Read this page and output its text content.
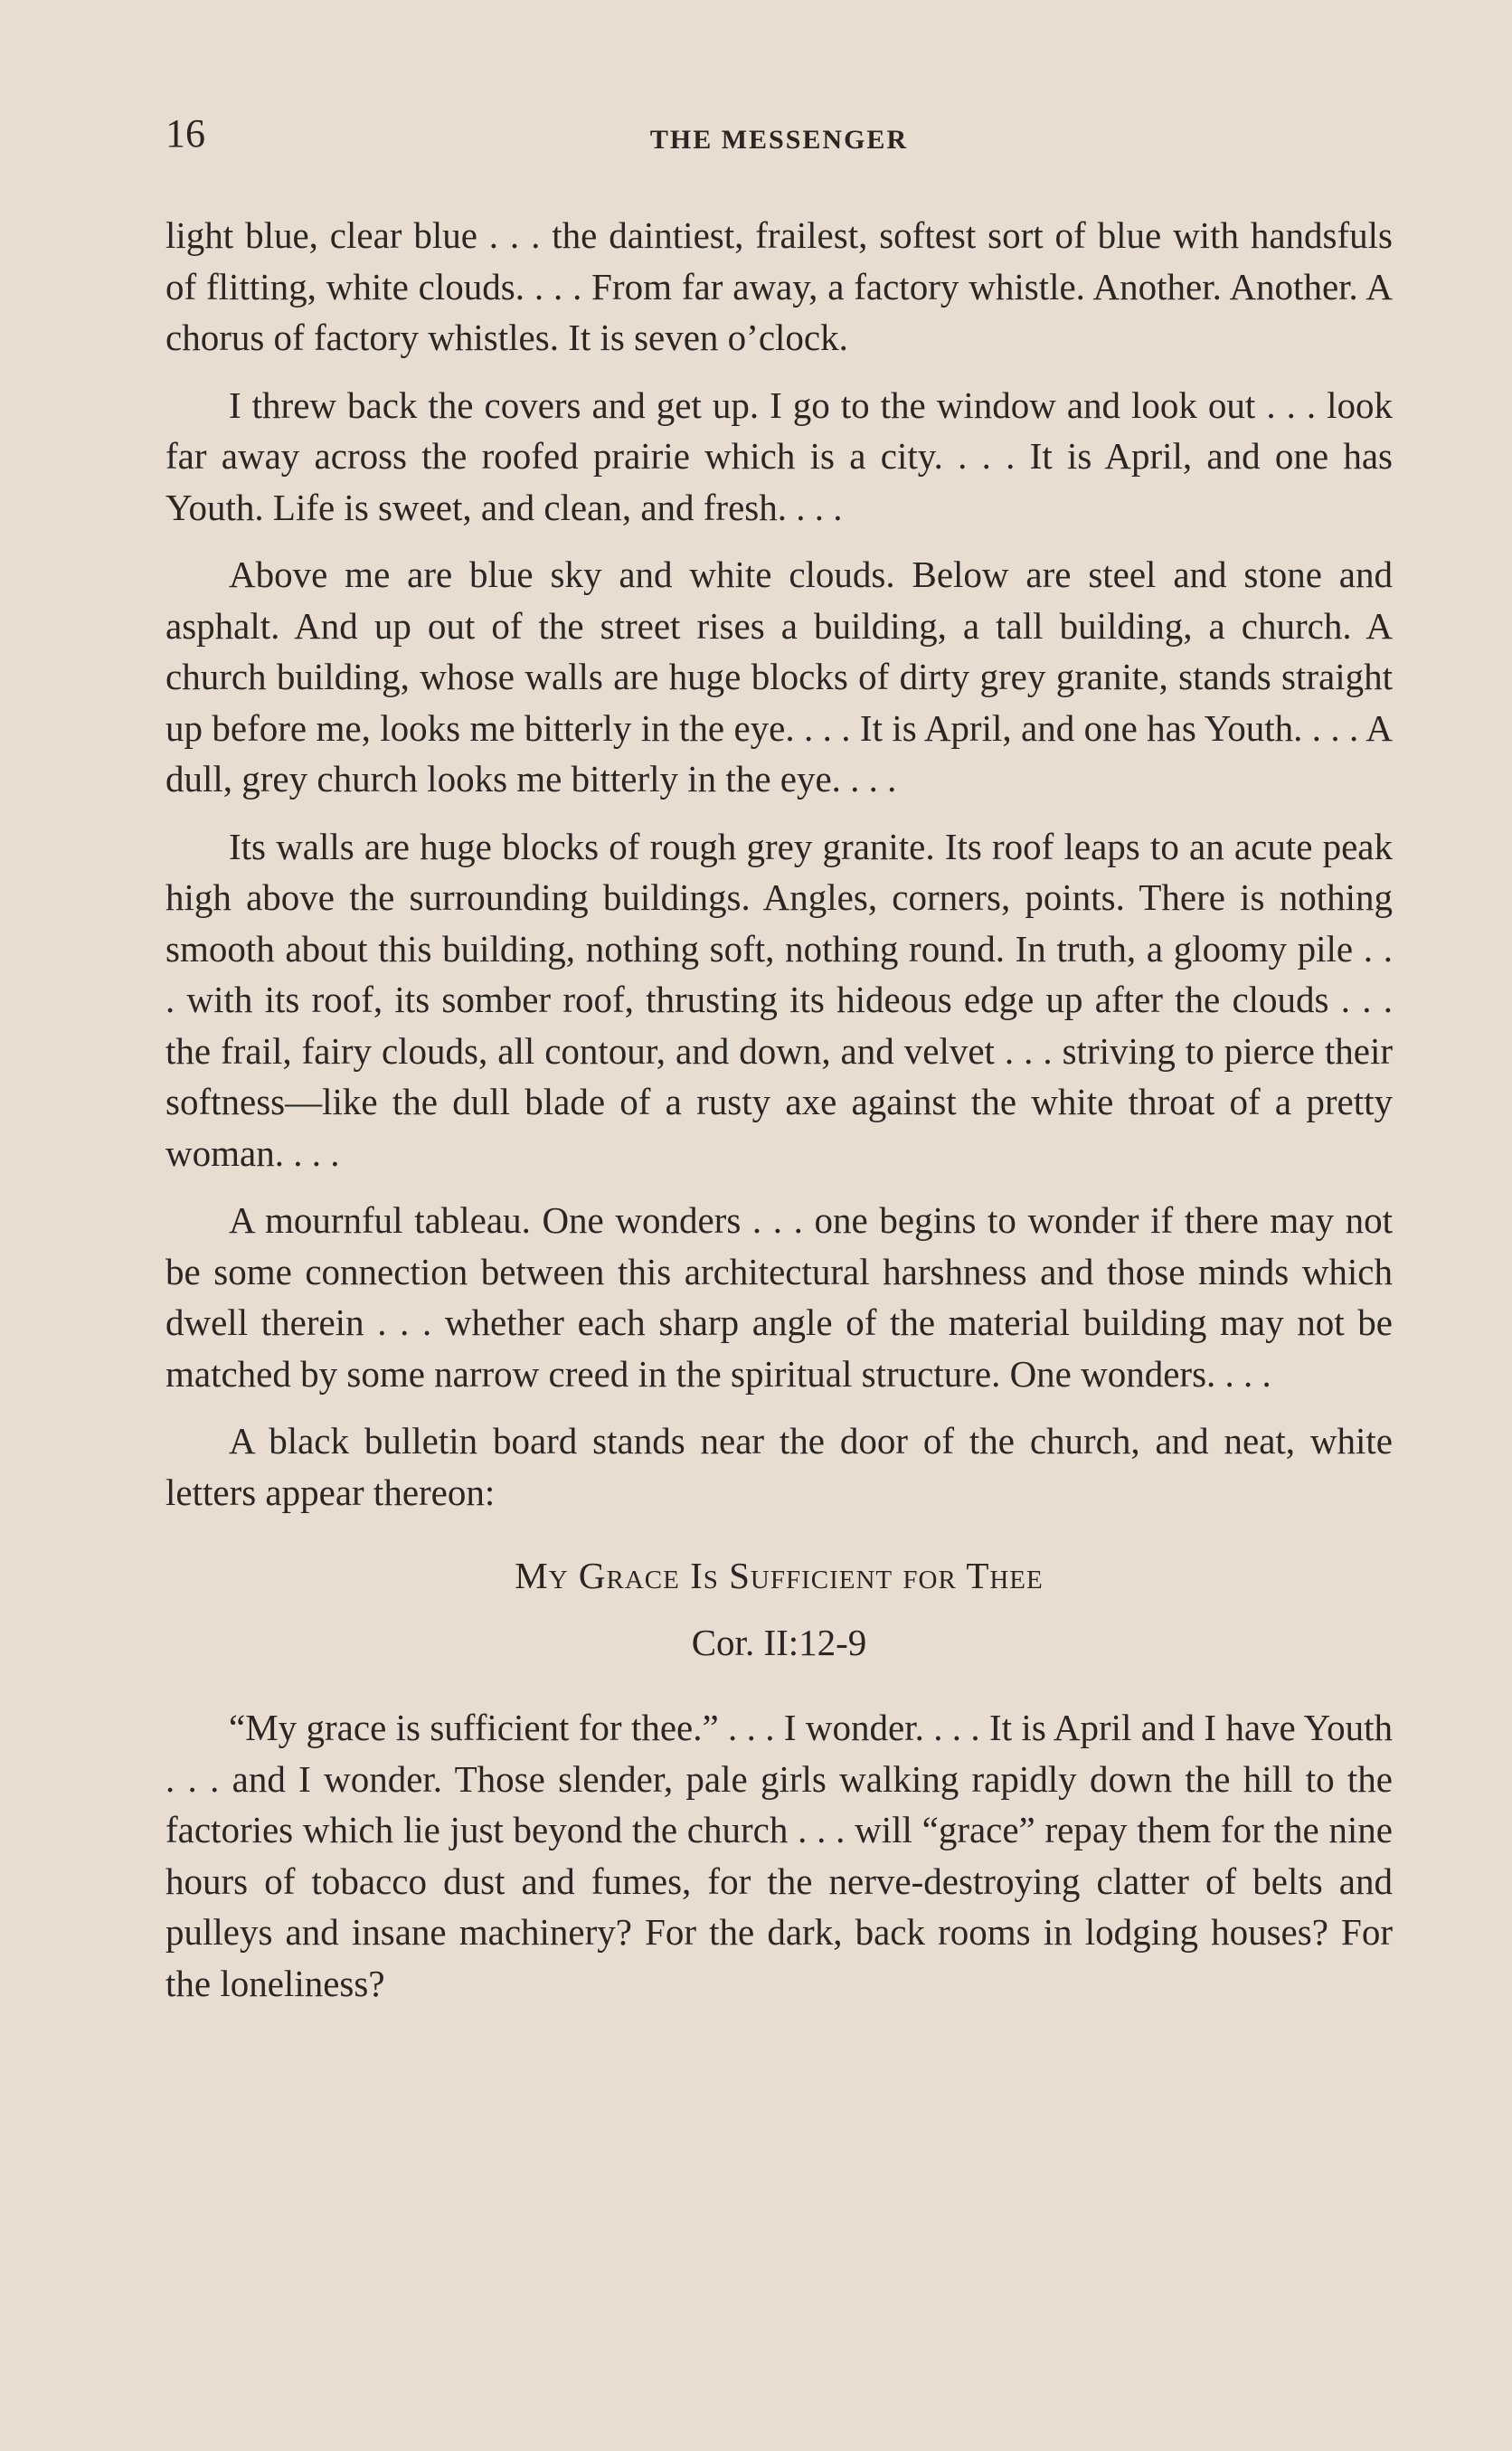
16	THE MESSENGER

light blue, clear blue . . . the daintiest, frailest, softest sort of blue with handsfuls of flitting, white clouds. . . . From far away, a factory whistle. Another. Another. A chorus of factory whistles. It is seven o’clock.

I threw back the covers and get up. I go to the window and look out . . . look far away across the roofed prairie which is a city. . . . It is April, and one has Youth. Life is sweet, and clean, and fresh. . . .

Above me are blue sky and white clouds. Below are steel and stone and asphalt. And up out of the street rises a building, a tall building, a church. A church building, whose walls are huge blocks of dirty grey granite, stands straight up before me, looks me bitterly in the eye. . . . It is April, and one has Youth. . . . A dull, grey church looks me bitterly in the eye. . . .

Its walls are huge blocks of rough grey granite. Its roof leaps to an acute peak high above the surrounding buildings. Angles, corners, points. There is nothing smooth about this building, nothing soft, nothing round. In truth, a gloomy pile . . . with its roof, its somber roof, thrusting its hideous edge up after the clouds . . . the frail, fairy clouds, all contour, and down, and velvet . . . striving to pierce their softness—like the dull blade of a rusty axe against the white throat of a pretty woman. . . .

A mournful tableau. One wonders . . . one begins to wonder if there may not be some connection between this architectural harshness and those minds which dwell therein . . . whether each sharp angle of the material building may not be matched by some narrow creed in the spiritual structure. One wonders. . . .

A black bulletin board stands near the door of the church, and neat, white letters appear thereon:

My Grace Is Sufficient for Thee

Cor. II:12-9

“My grace is sufficient for thee.” . . . I wonder. . . . It is April and I have Youth . . . and I wonder. Those slender, pale girls walking rapidly down the hill to the factories which lie just beyond the church . . . will “grace” repay them for the nine hours of tobacco dust and fumes, for the nerve-destroying clatter of belts and pulleys and insane machinery? For the dark, back rooms in lodging houses? For the loneliness?
